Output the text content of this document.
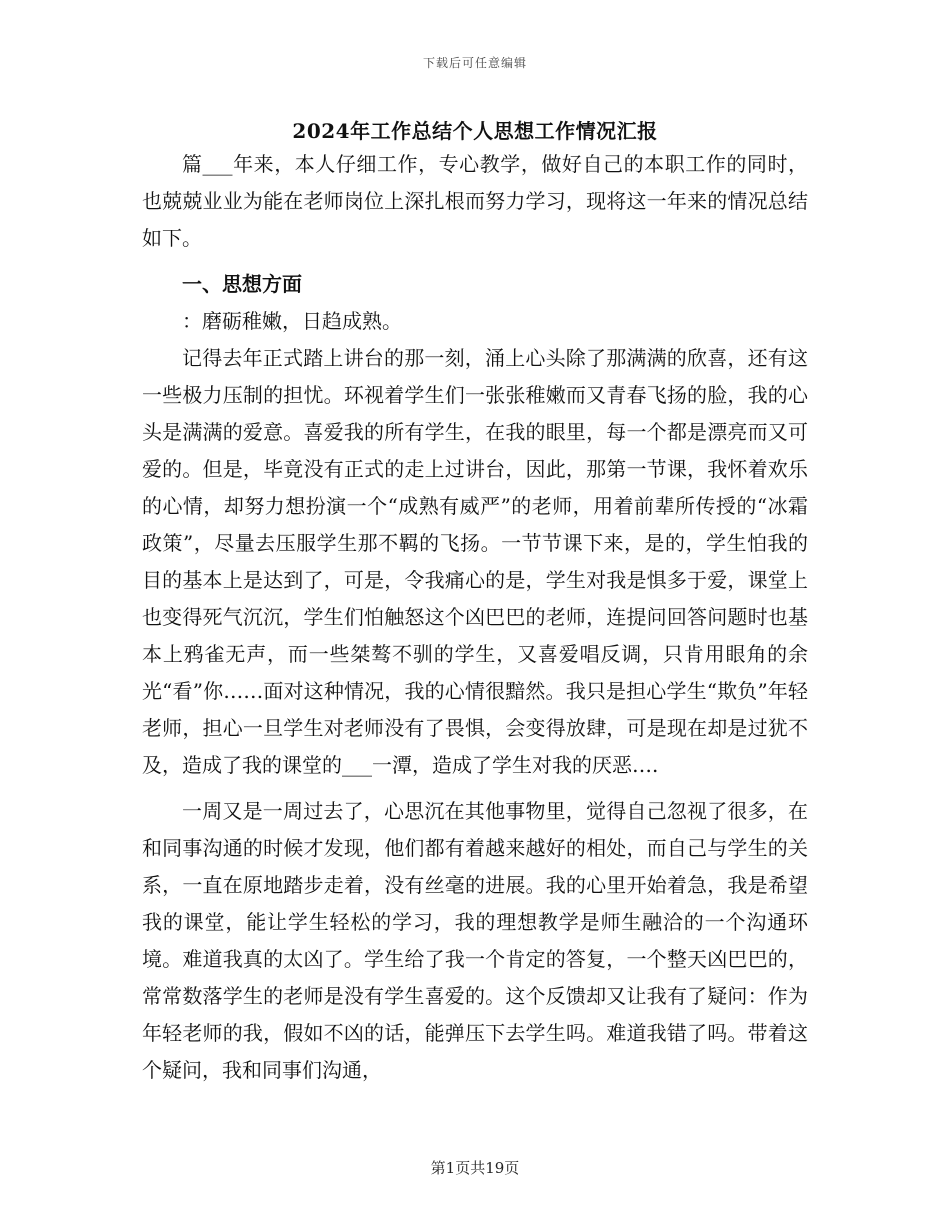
下载后可任意编辑
2024年工作总结个人思想工作情况汇报

篇___年来，本人仔细工作，专心教学，做好自己的本职工作的同时，也兢兢业业为能在老师岗位上深扎根而努力学习，现将这一年来的情况总结如下。

一、思想方面

：磨砺稚嫩，日趋成熟。

记得去年正式踏上讲台的那一刻，涌上心头除了那满满的欣喜，还有这一些极力压制的担忧。环视着学生们一张张稚嫩而又青春飞扬的脸，我的心头是满满的爱意。喜爱我的所有学生，在我的眼里，每一个都是漂亮而又可爱的。但是，毕竟没有正式的走上过讲台，因此，那第一节课，我怀着欢乐的心情，却努力想扮演一个“成熟有威严”的老师，用着前辈所传授的“冰霜政策”，尽量去压服学生那不羁的飞扬。一节节课下来，是的，学生怕我的目的基本上是达到了，可是，令我痛心的是，学生对我是惧多于爱，课堂上也变得死气沉沉，学生们怕触怒这个凶巴巴的老师，连提问回答问题时也基本上鸦雀无声，而一些桀骜不驯的学生，又喜爱唱反调，只肯用眼角的余光“看”你……面对这种情况，我的心情很黯然。我只是担心学生“欺负”年轻老师，担心一旦学生对老师没有了畏惧，会变得放肆，可是现在却是过犹不及，造成了我的课堂的___一潭，造成了学生对我的厌恶….

一周又是一周过去了，心思沉在其他事物里，觉得自己忽视了很多，在和同事沟通的时候才发现，他们都有着越来越好的相处，而自己与学生的关系，一直在原地踏步走着，没有丝毫的进展。我的心里开始着急，我是希望我的课堂，能让学生轻松的学习，我的理想教学是师生融洽的一个沟通环境。难道我真的太凶了。学生给了我一个肯定的答复，一个整天凶巴巴的，常常数落学生的老师是没有学生喜爱的。这个反馈却又让我有了疑问：作为年轻老师的我，假如不凶的话，能弹压下去学生吗。难道我错了吗。带着这个疑问，我和同事们沟通，

第1页共19页
